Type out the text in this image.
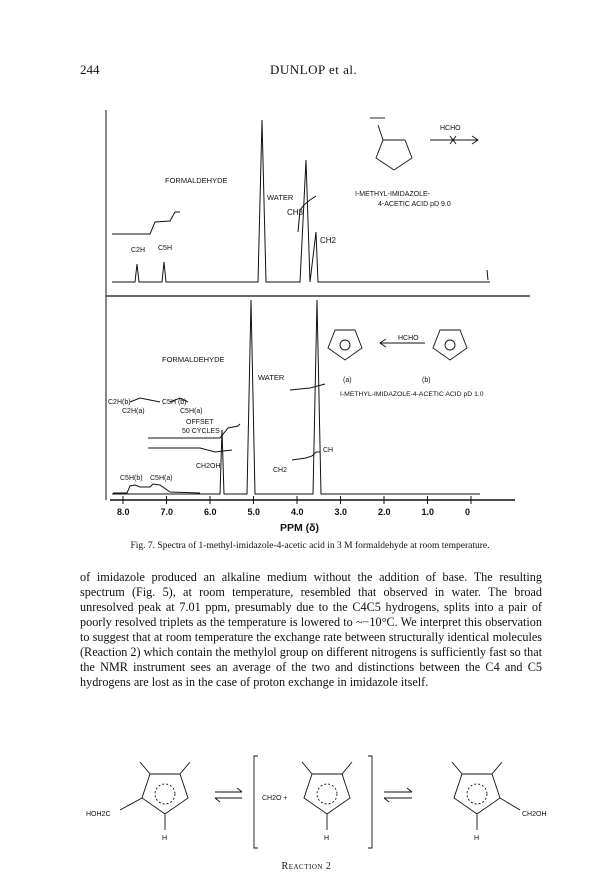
244	DUNLOP et al.
FORMALDEHYDE
WATER
CH3
CH2
C2H C5H
HCHO
I-METHYL-IMIDAZOLE-
4-ACETIC ACID pD 9.0
FORMALDEHYDE
WATER
C2H(b)	C5H (b)
C2H(a)	C5H(a)
OFFSET
50 CYCLES
CH2OH
CH2
CH
C5H(b) C5H(a)
HCHO
(a)	(b)
I-METHYL-IMIDAZOLE-4-ACETIC ACID pD 1.0
8.0	7.0	6.0	5.0	4.0	3.0	2.0	1.0	0
PPM (δ)
Fig. 7. Spectra of 1-methyl-imidazole-4-acetic acid in 3 M formaldehyde at room temperature.

of imidazole produced an alkaline medium without the addition of base. The resulting spectrum (Fig. 5), at room temperature, resembled that observed in water. The broad unresolved peak at 7.01 ppm, presumably due to the C4C5 hydrogens, splits into a pair of poorly resolved triplets as the temperature is lowered to ~−10°C. We interpret this observation to suggest that at room temperature the exchange rate between structurally identical molecules (Reaction 2) which contain the methylol group on different nitrogens is sufficiently fast so that the NMR instrument sees an average of the two and distinctions between the C4 and C5 hydrogens are lost as in the case of proton exchange in imidazole itself.

HOH2C	CH2OH
CH2O +
H	H	H
Reaction 2
